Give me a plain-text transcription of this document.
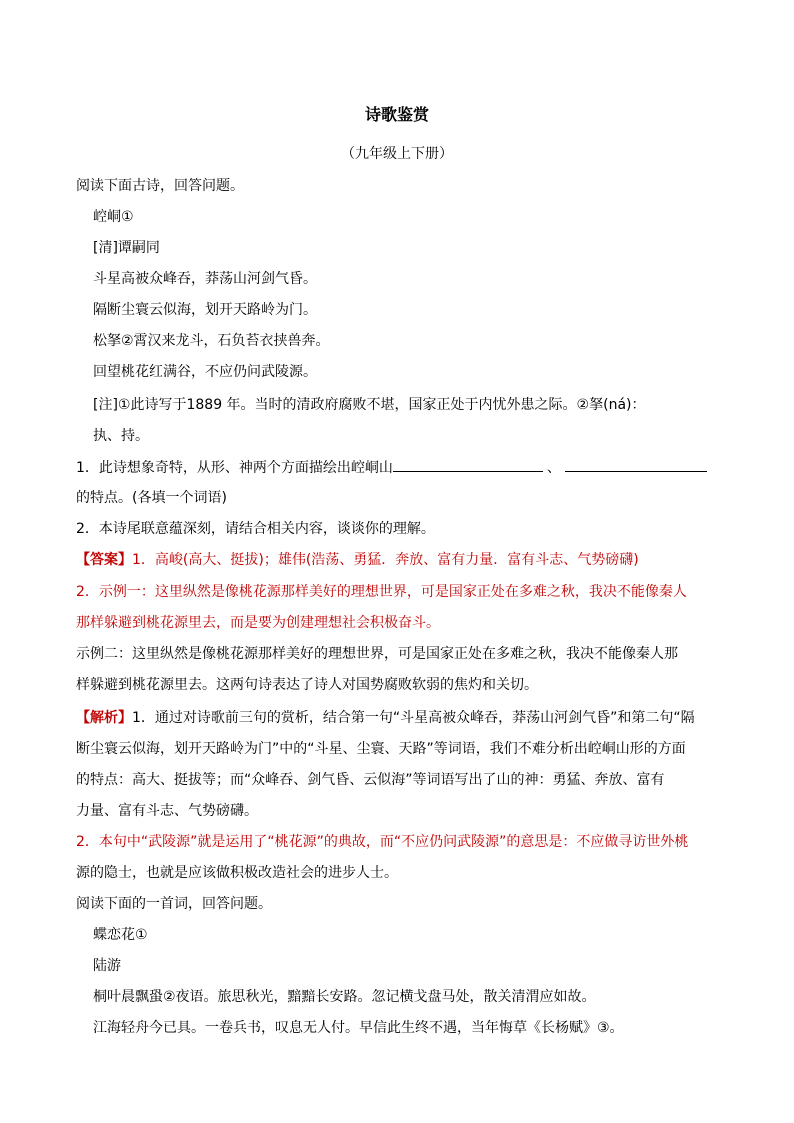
诗歌鉴赏
（九年级上下册）
阅读下面古诗，回答问题。
崆峒①
[清]谭嗣同
斗星高被众峰吞，莽荡山河剑气昏。
隔断尘寰云似海，划开天路岭为门。
松拏②霄汉来龙斗，石负苔衣挟兽奔。
回望桃花红满谷，不应仍问武陵源。
[注]①此诗写于1889 年。当时的清政府腐败不堪，国家正处于内忧外患之际。②拏(ná)：
执、持。
1．此诗想象奇特，从形、神两个方面描绘出崆峒山	、
的特点。(各填一个词语)
2．本诗尾联意蕴深刻，请结合相关内容，谈谈你的理解。
【答案】1．高峻(高大、挺拔)；雄伟(浩荡、勇猛．奔放、富有力量．富有斗志、气势磅礴)
2．示例一：这里纵然是像桃花源那样美好的理想世界，可是国家正处在多难之秋，我决不能像秦人
那样躲避到桃花源里去，而是要为创建理想社会积极奋斗。
示例二：这里纵然是像桃花源那样美好的理想世界，可是国家正处在多难之秋，我决不能像秦人那
样躲避到桃花源里去。这两句诗表达了诗人对国势腐败软弱的焦灼和关切。
【解析】1．通过对诗歌前三句的赏析，结合第一句“斗星高被众峰吞，莽荡山河剑气昏”和第二句“隔
断尘寰云似海，划开天路岭为门”中的“斗星、尘寰、天路”等词语，我们不难分析出崆峒山形的方面
的特点：高大、挺拔等；而“众峰吞、剑气昏、云似海”等词语写出了山的神：勇猛、奔放、富有
力量、富有斗志、气势磅礴。
2．本句中“武陵源”就是运用了“桃花源”的典故，而“不应仍问武陵源”的意思是：不应做寻访世外桃
源的隐士，也就是应该做积极改造社会的进步人士。
阅读下面的一首词，回答问题。
蝶恋花①
陆游
桐叶晨飘蛩②夜语。旅思秋光，黯黯长安路。忽记横戈盘马处，散关清渭应如故。
江海轻舟今已具。一卷兵书，叹息无人付。早信此生终不遇，当年悔草《长杨赋》③。
